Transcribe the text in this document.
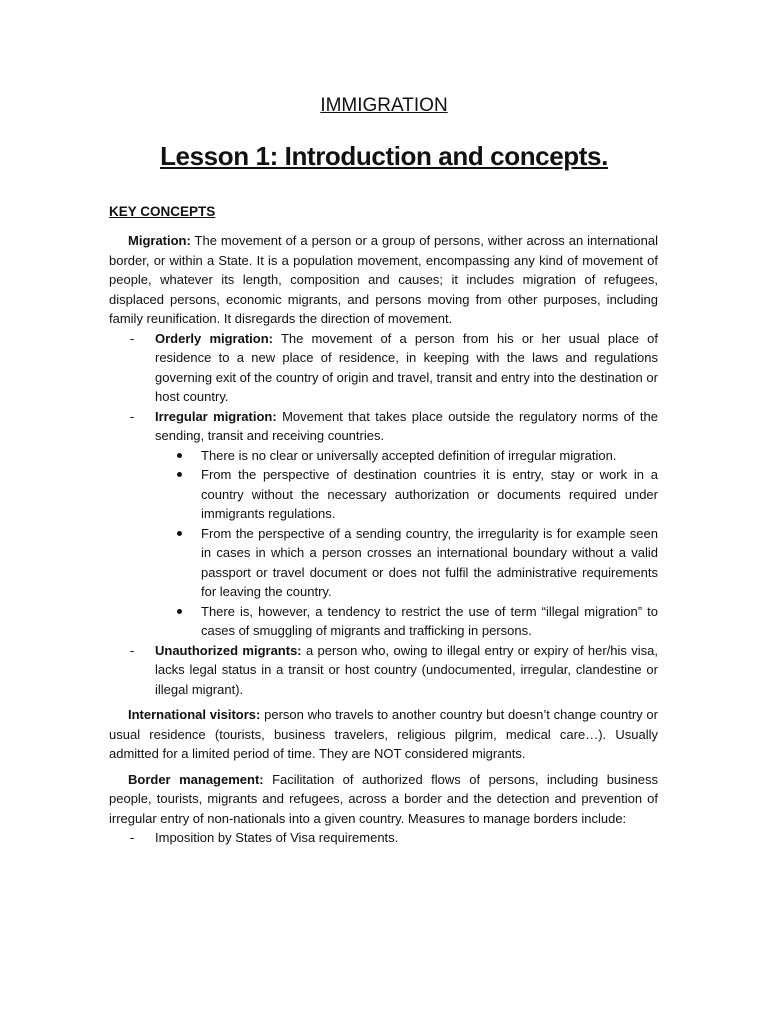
IMMIGRATION
Lesson 1: Introduction and concepts.
KEY CONCEPTS

Migration: The movement of a person or a group of persons, wither across an international border, or within a State. It is a population movement, encompassing any kind of movement of people, whatever its length, composition and causes; it includes migration of refugees, displaced persons, economic migrants, and persons moving from other purposes, including family reunification. It disregards the direction of movement.

- Orderly migration: The movement of a person from his or her usual place of residence to a new place of residence, in keeping with the laws and regulations governing exit of the country of origin and travel, transit and entry into the destination or host country.
- Irregular migration: Movement that takes place outside the regulatory norms of the sending, transit and receiving countries.
There is no clear or universally accepted definition of irregular migration.
From the perspective of destination countries it is entry, stay or work in a country without the necessary authorization or documents required under immigrants regulations.
From the perspective of a sending country, the irregularity is for example seen in cases in which a person crosses an international boundary without a valid passport or travel document or does not fulfil the administrative requirements for leaving the country.
There is, however, a tendency to restrict the use of term “illegal migration” to cases of smuggling of migrants and trafficking in persons.
- Unauthorized migrants: a person who, owing to illegal entry or expiry of her/his visa, lacks legal status in a transit or host country (undocumented, irregular, clandestine or illegal migrant).

International visitors: person who travels to another country but doesn’t change country or usual residence (tourists, business travelers, religious pilgrim, medical care…). Usually admitted for a limited period of time. They are NOT considered migrants.

Border management: Facilitation of authorized flows of persons, including business people, tourists, migrants and refugees, across a border and the detection and prevention of irregular entry of non-nationals into a given country. Measures to manage borders include:

- Imposition by States of Visa requirements.
